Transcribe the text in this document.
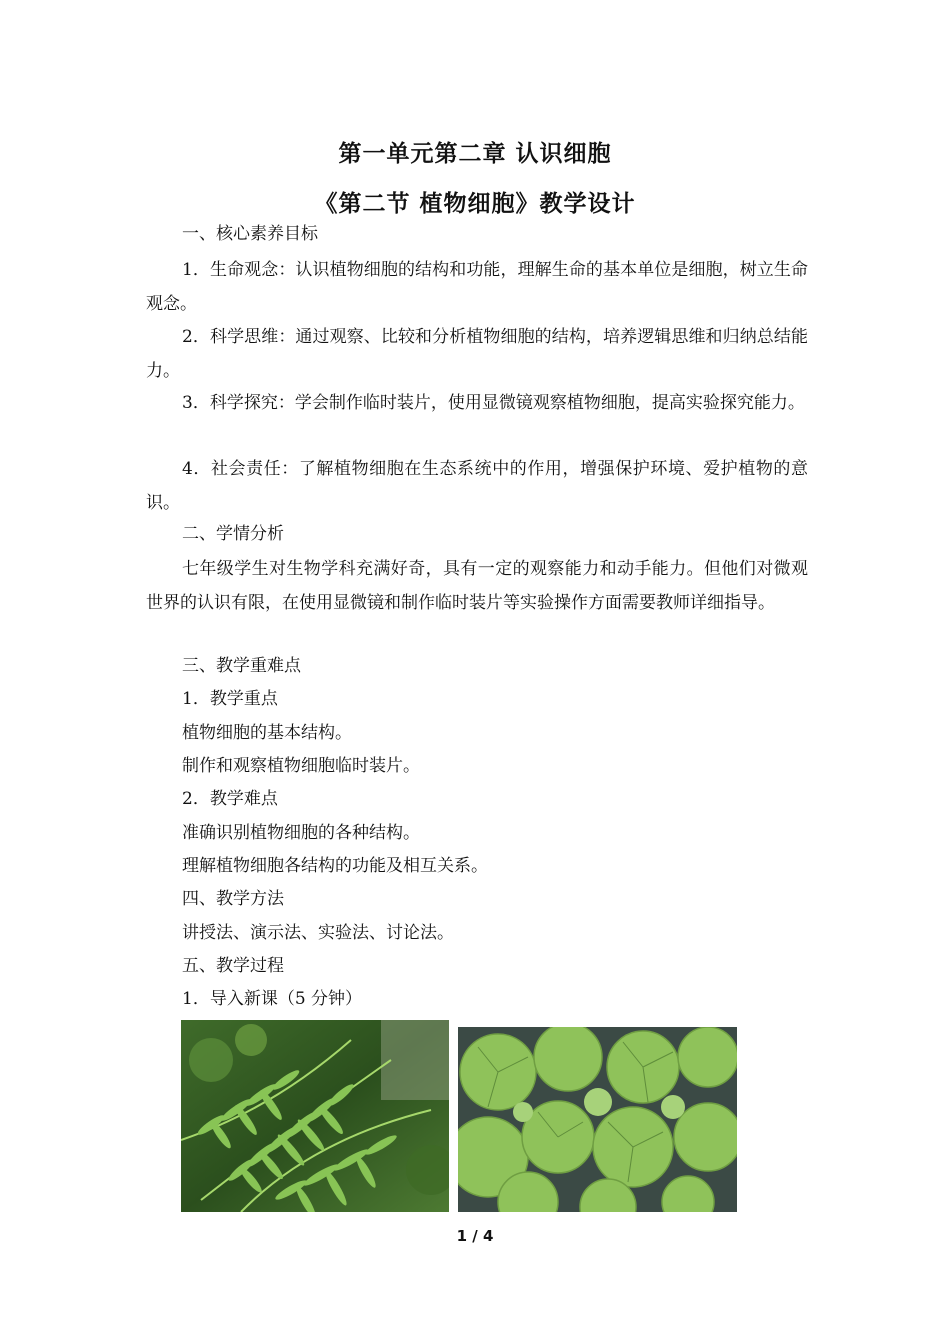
第一单元第二章 认识细胞
《第二节 植物细胞》教学设计
一、核心素养目标
1．生命观念：认识植物细胞的结构和功能，理解生命的基本单位是细胞，树立生命观念。
2．科学思维：通过观察、比较和分析植物细胞的结构，培养逻辑思维和归纳总结能力。
3．科学探究：学会制作临时装片，使用显微镜观察植物细胞，提高实验探究能力。
4．社会责任：了解植物细胞在生态系统中的作用，增强保护环境、爱护植物的意识。
二、学情分析
七年级学生对生物学科充满好奇，具有一定的观察能力和动手能力。但他们对微观世界的认识有限，在使用显微镜和制作临时装片等实验操作方面需要教师详细指导。
三、教学重难点
1．教学重点
植物细胞的基本结构。
制作和观察植物细胞临时装片。
2．教学难点
准确识别植物细胞的各种结构。
理解植物细胞各结构的功能及相互关系。
四、教学方法
讲授法、演示法、实验法、讨论法。
五、教学过程
1．导入新课（5 分钟）
1 / 4
